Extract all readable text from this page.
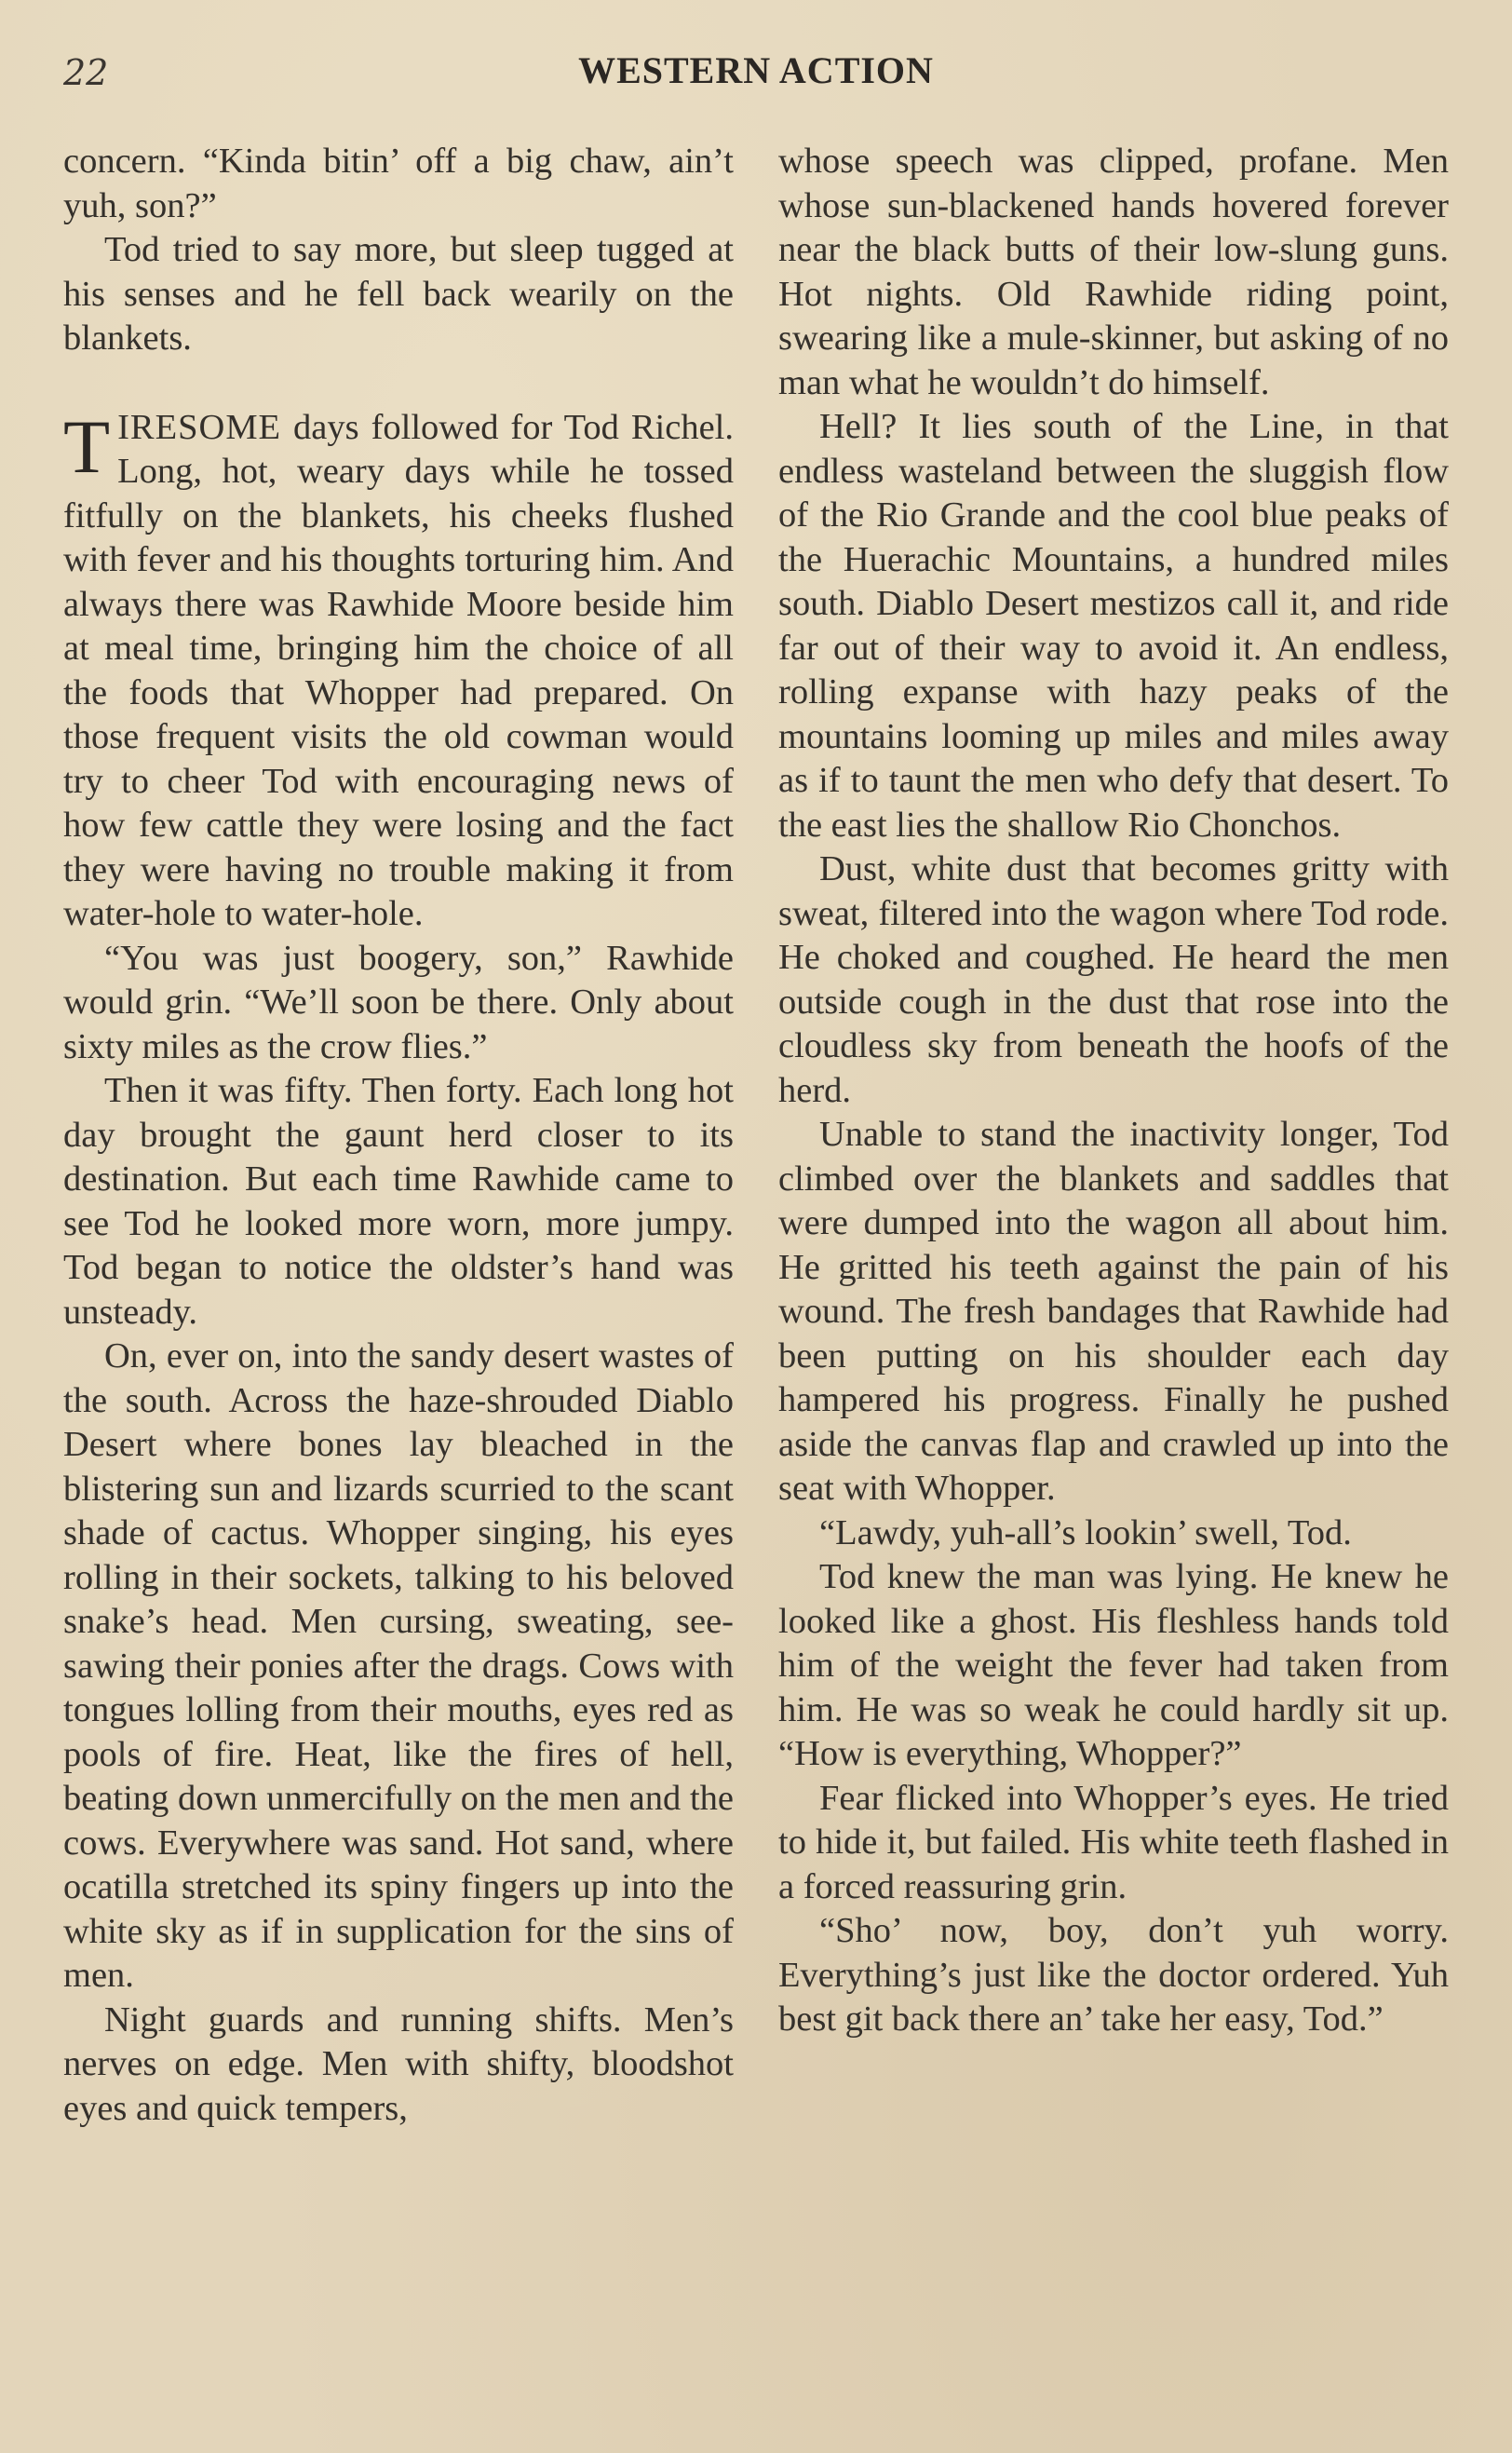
22	WESTERN ACTION

concern. “Kinda bitin’ off a big chaw, ain’t yuh, son?”

Tod tried to say more, but sleep tugged at his senses and he fell back wearily on the blankets.

TIRESOME days followed for Tod Richel. Long, hot, weary days while he tossed fitfully on the blankets, his cheeks flushed with fever and his thoughts torturing him. And always there was Rawhide Moore beside him at meal time, bringing him the choice of all the foods that Whopper had prepared. On those frequent visits the old cowman would try to cheer Tod with encouraging news of how few cattle they were losing and the fact they were having no trouble making it from water-hole to water-hole.

“You was just boogery, son,” Rawhide would grin. “We’ll soon be there. Only about sixty miles as the crow flies.”

Then it was fifty. Then forty. Each long hot day brought the gaunt herd closer to its destination. But each time Rawhide came to see Tod he looked more worn, more jumpy. Tod began to notice the oldster’s hand was unsteady.

On, ever on, into the sandy desert wastes of the south. Across the haze-shrouded Diablo Desert where bones lay bleached in the blistering sun and lizards scurried to the scant shade of cactus. Whopper singing, his eyes rolling in their sockets, talking to his beloved snake’s head. Men cursing, sweating, see-sawing their ponies after the drags. Cows with tongues lolling from their mouths, eyes red as pools of fire. Heat, like the fires of hell, beating down unmercifully on the men and the cows. Everywhere was sand. Hot sand, where ocatilla stretched its spiny fingers up into the white sky as if in supplication for the sins of men.

Night guards and running shifts. Men’s nerves on edge. Men with shifty, bloodshot eyes and quick tempers,

whose speech was clipped, profane. Men whose sun-blackened hands hovered forever near the black butts of their low-slung guns. Hot nights. Old Rawhide riding point, swearing like a mule-skinner, but asking of no man what he wouldn’t do himself.

Hell? It lies south of the Line, in that endless wasteland between the sluggish flow of the Rio Grande and the cool blue peaks of the Huerachic Mountains, a hundred miles south. Diablo Desert mestizos call it, and ride far out of their way to avoid it. An endless, rolling expanse with hazy peaks of the mountains looming up miles and miles away as if to taunt the men who defy that desert. To the east lies the shallow Rio Chonchos.

Dust, white dust that becomes gritty with sweat, filtered into the wagon where Tod rode. He choked and coughed. He heard the men outside cough in the dust that rose into the cloudless sky from beneath the hoofs of the herd.

Unable to stand the inactivity longer, Tod climbed over the blankets and saddles that were dumped into the wagon all about him. He gritted his teeth against the pain of his wound. The fresh bandages that Rawhide had been putting on his shoulder each day hampered his progress. Finally he pushed aside the canvas flap and crawled up into the seat with Whopper.

“Lawdy, yuh-all’s lookin’ swell, Tod.

Tod knew the man was lying. He knew he looked like a ghost. His fleshless hands told him of the weight the fever had taken from him. He was so weak he could hardly sit up. “How is everything, Whopper?”

Fear flicked into Whopper’s eyes. He tried to hide it, but failed. His white teeth flashed in a forced reassuring grin.

“Sho’ now, boy, don’t yuh worry. Everything’s just like the doctor ordered. Yuh best git back there an’ take her easy, Tod.”
